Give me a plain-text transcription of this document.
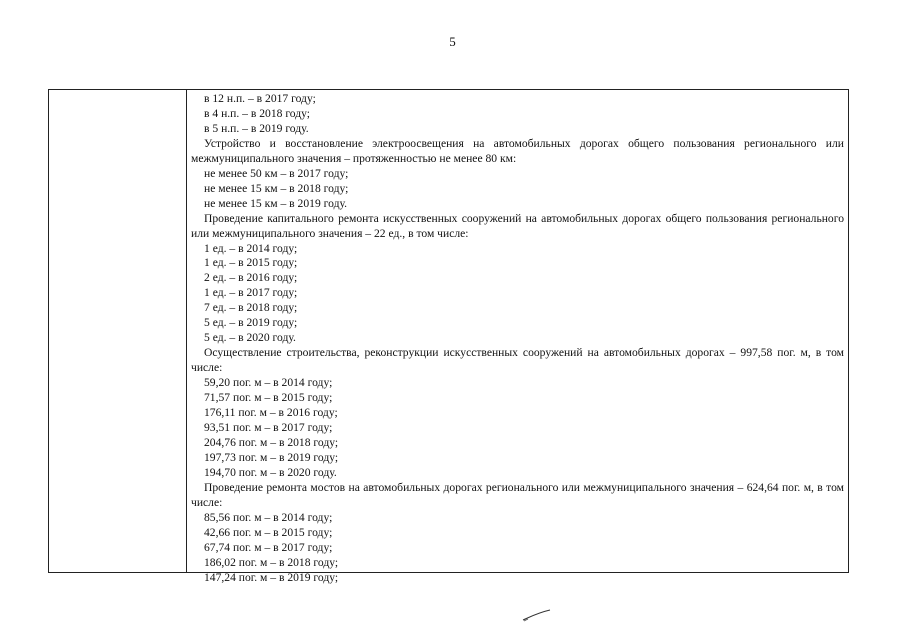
5

в 12 н.п. – в 2017 году;

в 4 н.п. – в 2018 году;

в 5 н.п. – в 2019 году.

Устройство и восстановление электроосвещения на автомобильных дорогах общего пользования регионального или межмуниципального значения – протяженностью не менее 80 км:

не менее 50 км – в 2017 году;

не менее 15 км – в 2018 году;

не менее 15 км – в 2019 году.

Проведение капитального ремонта искусственных сооружений на автомобильных дорогах общего пользования регионального или межмуниципального значения – 22 ед., в том числе:

1 ед. – в 2014 году;

1 ед. – в 2015 году;

2 ед. – в 2016 году;

1 ед. – в 2017 году;

7 ед. – в 2018 году;

5 ед. – в 2019 году;

5 ед. – в 2020 году.

Осуществление строительства, реконструкции искусственных сооружений на автомобильных дорогах – 997,58 пог. м, в том числе:

59,20 пог. м – в 2014 году;

71,57 пог. м – в 2015 году;

176,11 пог. м – в 2016 году;

93,51 пог. м – в 2017 году;

204,76 пог. м – в 2018 году;

197,73 пог. м – в 2019 году;

194,70 пог. м – в 2020 году.

Проведение ремонта мостов на автомобильных дорогах регионального или межмуниципального значения – 624,64 пог. м, в том числе:

85,56 пог. м – в 2014 году;

42,66 пог. м – в 2015 году;

67,74 пог. м – в 2017 году;

186,02 пог. м – в 2018 году;

147,24 пог. м – в 2019 году;
